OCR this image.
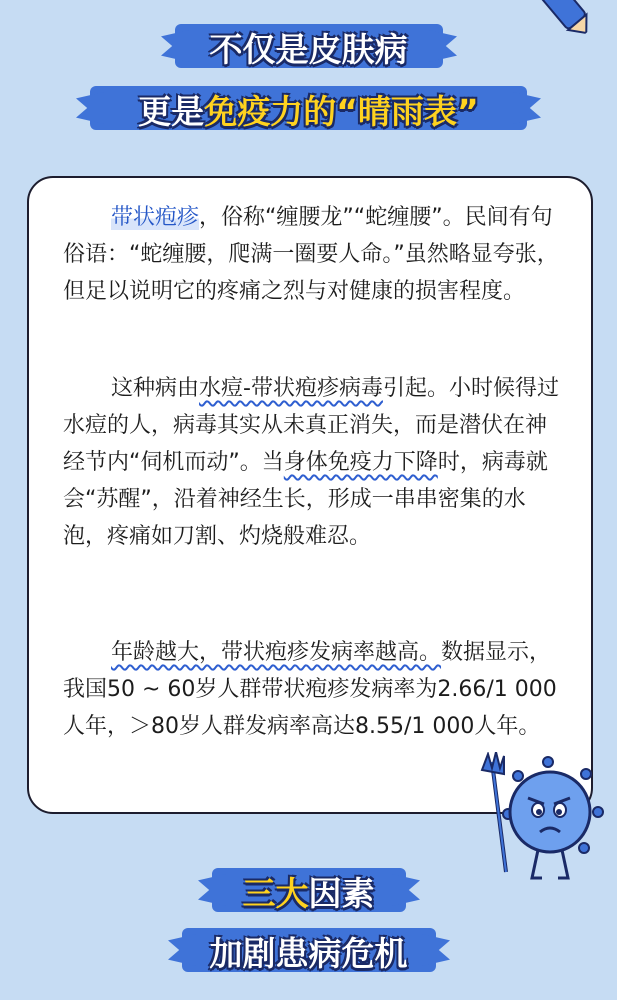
不仅是皮肤病
更是免疫力的“晴雨表”

带状疱疹，俗称“缠腰龙”“蛇缠腰”。民间有句俗语：“蛇缠腰，爬满一圈要人命。”虽然略显夸张，但足以说明它的疼痛之烈与对健康的损害程度。

这种病由水痘-带状疱疹病毒引起。小时候得过水痘的人，病毒其实从未真正消失，而是潜伏在神经节内“伺机而动”。当身体免疫力下降时，病毒就会“苏醒”，沿着神经生长，形成一串串密集的水泡，疼痛如刀割、灼烧般难忍。

年龄越大，带状疱疹发病率越高。数据显示，我国50 ~ 60岁人群带状疱疹发病率为2.66/1 000人年，＞80岁人群发病率高达8.55/1 000人年。

三大因素
加剧患病危机
